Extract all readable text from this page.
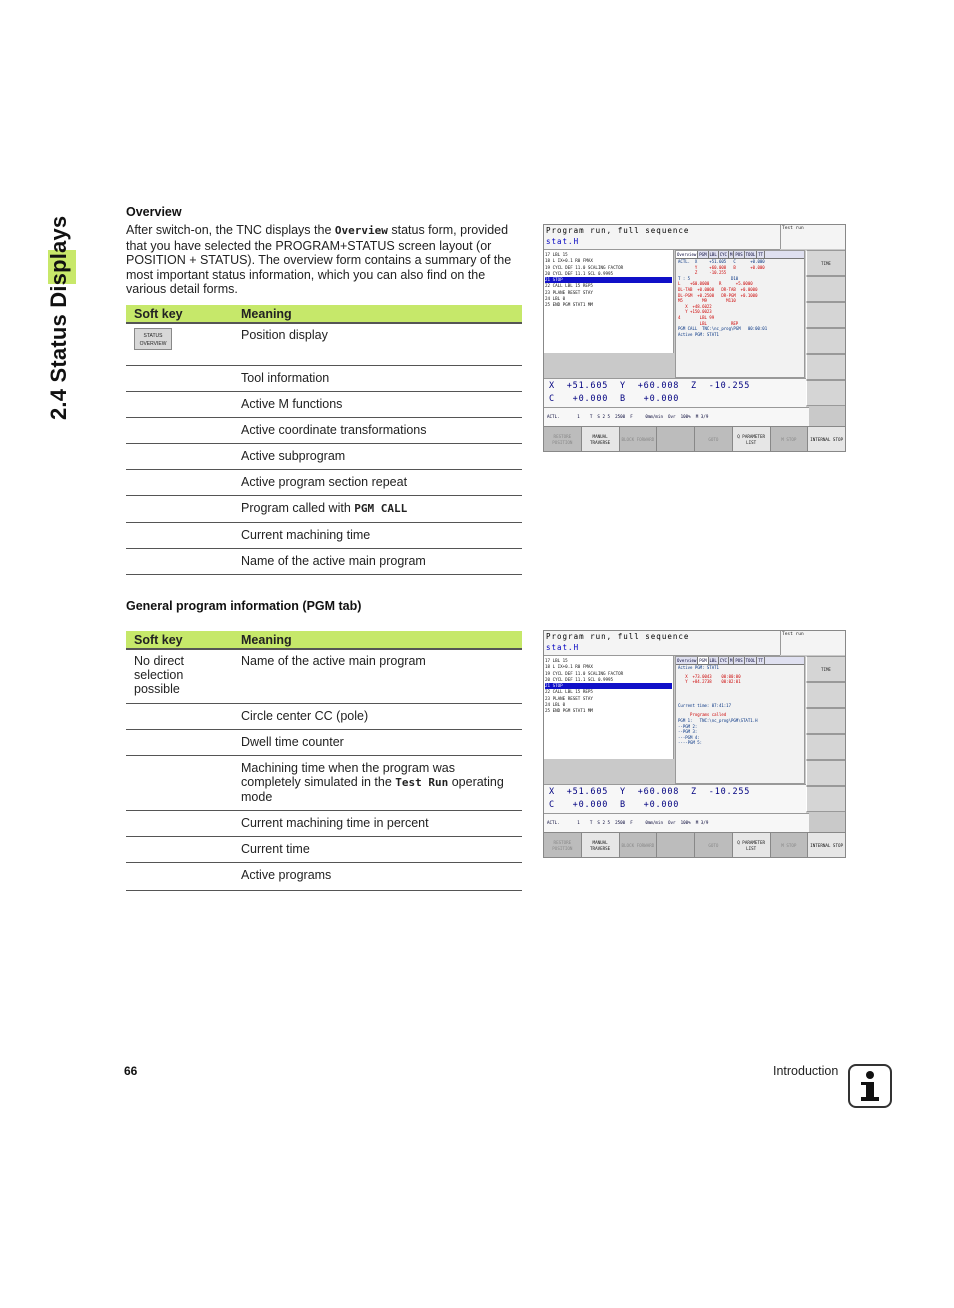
2.4 Status Displays
Overview
After switch-on, the TNC displays the Overview status form, provided that you have selected the PROGRAM+STATUS screen layout (or POSITION + STATUS). The overview form contains a summary of the most important status information, which you can also find on the various detail forms.
Soft key	Meaning
STATUS OVERVIEW	Position display
	Tool information
	Active M functions
	Active coordinate transformations
	Active subprogram
	Active program section repeat
	Program called with PGM CALL
	Current machining time
	Name of the active main program
General program information (PGM tab)
Soft key	Meaning
No direct selection possible	Name of the active main program
	Circle center CC (pole)
	Dwell time counter
	Machining time when the program was completely simulated in the Test Run operating mode
	Current machining time in percent
	Current time
	Active programs
Program run, full sequence
stat.H
Test run
17 LBL 15
18 L IX+0.1 R0 FMAX
19 CYCL DEF 11.0 SCALING FACTOR
20 CYCL DEF 11.1 SCL 0.9995
21 STOP
22 CALL LBL 15 REP5
23 PLANE RESET STAY
24 LBL 0
25 END PGM STAT1 MM
Overview PGM LBL CYC M POS TOOL TT
ACTL.  X     +51.605   C      +0.000
Y     +60.008   B      +0.000
Z     -10.255
T : 5                 D10
L    +60.0000    R      +5.0000
DL-TAB  +0.0000   DR-TAB  +0.0000
DL-PGM  +0.2500   DR-PGM  +0.1000
M5        M9        M110
X  +48.6022
Y +150.0023
4        LBL 99
LBL          REP
PGM CALL  TNC:\nc_prog\PGM   00:00:01
Active PGM: STAT1
TIME
X  +51.605  Y  +60.008  Z  -10.255
C   +0.000  B   +0.000
ACTL.       1    T  S 2 5  2500  F     0mm/min  Ovr  100%  M 3/9
RESTORE POSITION
MANUAL TRAVERSE
BLOCK FORWARD	GOTO
Q PARAMETER LIST
M STOP	INTERNAL STOP
Program run, full sequence
stat.H
Test run
17 LBL 15
18 L IX+0.1 R0 FMAX
19 CYCL DEF 11.0 SCALING FACTOR
20 CYCL DEF 11.1 SCL 0.9995
21 STOP
22 CALL LBL 15 REP5
23 PLANE RESET STAY
24 LBL 0
25 END PGM STAT1 MM
Overview PGM LBL CYC M POS TOOL TT
Active PGM: STAT1
X  +73.0043    00:00:00
Y  +84.2738    00:02:01
Current time: 07:41:17
Programs called
PGM 1:   TNC:\nc_prog\PGM\STAT1.H
--PGM 2:
--PGM 3:
---PGM 4:
----PGM 5:
TIME
X  +51.605  Y  +60.008  Z  -10.255
C   +0.000  B   +0.000
ACTL.       1    T  S 2 5  2500  F     0mm/min  Ovr  100%  M 3/9
RESTORE POSITION
MANUAL TRAVERSE
BLOCK FORWARD	GOTO
Q PARAMETER LIST
M STOP	INTERNAL STOP
66	Introduction
